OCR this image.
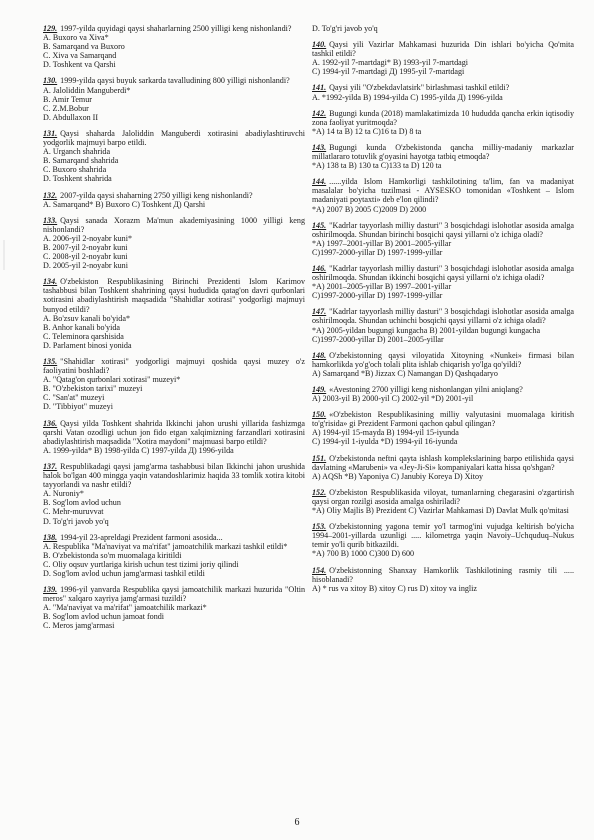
129. 1997-yilda quyidagi qaysi shaharlarning 2500 yilligi keng nishonlandi?

A. Buxoro va Xiva*

B. Samarqand va Buxoro

C. Xiva va Samarqand

D. Toshkent va Qarshi

130. 1999-yilda qaysi buyuk sarkarda tavalludining 800 yilligi nishonlandi?

A. Jaloliddin Manguberdi*

B. Amir Temur

C. Z.M.Bobur

D. Abdullaxon II

131. Qaysi shaharda Jaloliddin Manguberdi xotirasini abadiylashtiruvchi yodgorlik majmuyi barpo etildi.

A. Urganch shahrida

B. Samarqand shahrida

C. Buxoro shahrida

D. Toshkent shahrida

132. 2007-yilda qaysi shaharning 2750 yilligi keng nishonlandi?

A. Samarqand* B) Buxoro C) Toshkent Д) Qarshi

133. Qaysi sanada Xorazm Ma'mun akademiyasining 1000 yilligi keng nishonlandi?

A. 2006-yil 2-noyabr kuni*

B. 2007-yil 2-noyabr kuni

C. 2008-yil 2-noyabr kuni

D. 2005-yil 2-noyabr kuni

134. O'zbekiston Respublikasining Birinchi Prezidenti Islom Karimov tashabbusi bilan Toshkent shahrining qaysi hududida qatag'on davri qurbonlari xotirasini abadiylashtirish maqsadida "Shahidlar xotirasi" yodgorligi majmuyi bunyod etildi?

A. Bo'zsuv kanali bo'yida*

B. Anhor kanali bo'yida

C. Teleminora qarshisida

D. Parlament binosi yonida

135. "Shahidlar xotirasi" yodgorligi majmuyi qoshida qaysi muzey o'z faoliyatini boshladi?

A. "Qatag'on qurbonlari xotirasi" muzeyi*

B. "O'zbekiston tarixi" muzeyi

C. "San'at" muzeyi

D. "Tibbiyot" muzeyi

136. Qaysi yilda Toshkent shahrida Ikkinchi jahon urushi yillarida fashizmga qarshi Vatan ozodligi uchun jon fido etgan xalqimizning farzandlari xotirasini abadiylashtirish maqsadida "Xotira maydoni" majmuasi barpo etildi?

A. 1999-yilda* B) 1998-yilda C) 1997-yilda Д) 1996-yilda

137. Respublikadagi qaysi jamg'arma tashabbusi bilan Ikkinchi jahon urushida halok bo'lgan 400 mingga yaqin vatandoshlarimiz haqida 33 tomlik xotira kitobi tayyorlandi va nashr etildi?

A. Nuroniy*

B. Sog'lom avlod uchun

C. Mehr-muruvvat

D. To'g'ri javob yo'q

138. 1994-yil 23-apreldagi Prezident farmoni asosida...

A. Respublika "Ma'naviyat va ma'rifat" jamoatchilik markazi tashkil etildi*

B. O'zbekistonda so'm muomalaga kiritildi

C. Oliy oqsuv yurtlariga kirish uchun test tizimi joriy qilindi

D. Sog'lom avlod uchun jamg'armasi tashkil etildi

139. 1996-yil yanvarda Respublika qaysi jamoatchilik markazi huzurida "Oltin meros" xalqaro xayriya jamg'armasi tuzildi?

A. "Ma'naviyat va ma'rifat" jamoatchilik markazi*

B. Sog'lom avlod uchun jamoat fondi

C. Meros jamg'armasi

D. To'g'ri javob yo'q

140. Qaysi yili Vazirlar Mahkamasi huzurida Din ishlari bo'yicha Qo'mita tashkil etildi?

A. 1992-yil 7-martdagi* B) 1993-yil 7-martdagi

C) 1994-yil 7-martdagi Д) 1995-yil 7-martdagi

141. Qaysi yili "O'zbekdavlatsirk" birlashmasi tashkil etildi?

A. *1992-yilda B) 1994-yilda C) 1995-yilda Д) 1996-yilda

142. Bugungi kunda (2018) mamlakatimizda 10 hududda qancha erkin iqtisodiy zona faoliyat yuritmoqda?

*A) 14 ta B) 12 ta C)16 ta D) 8 ta

143. Bugungi kunda O'zbekistonda qancha milliy-madaniy markazlar millatlararo totuvlik g'oyasini hayotga tatbiq etmoqda?

*A) 138 ta B) 130 ta C)133 ta D) 120 ta

144. ......yilda Islom Hamkorligi tashkilotining ta'lim, fan va madaniyat masalalar bo'yicha tuzilmasi - AYSESKO tomonidan «Toshkent – Islom madaniyati poytaxti» deb e'lon qilindi?

*A) 2007 B) 2005 C)2009 D) 2000

145. "Kadrlar tayyorlash milliy dasturi" 3 bosqichdagi islohotlar asosida amalga oshirilmoqda. Shundan birinchi bosqichi qaysi yillarni o'z ichiga oladi?

*A) 1997–2001-yillar B) 2001–2005-yillar

C)1997-2000-yillar D) 1997-1999-yillar

146. "Kadrlar tayyorlash milliy dasturi" 3 bosqichdagi islohotlar asosida amalga oshirilmoqda. Shundan ikkinchi bosqichi qaysi yillarni o'z ichiga oladi?

*A) 2001–2005-yillar B) 1997–2001-yillar

C)1997-2000-yillar D) 1997-1999-yillar

147. "Kadrlar tayyorlash milliy dasturi" 3 bosqichdagi islohotlar asosida amalga oshirilmoqda. Shundan uchinchi bosqichi qaysi yillarni o'z ichiga oladi?

*A) 2005-yildan bugungi kungacha B) 2001-yildan bugungi kungacha

C)1997-2000-yillar D) 2001–2005-yillar

148. O'zbekistonning qaysi viloyatida Xitoyning «Nunkei» firmasi bilan hamkorlikda yo'g'och tolali plita ishlab chiqarish yo'lga qo'yildi?

A) Samarqand *B) Jizzax C) Namangan D) Qashqadaryo

149. «Avestoning 2700 yilligi keng nishonlangan yilni aniqlang?

A) 2003-yil B) 2000-yil C) 2002-yil *D) 2001-yil

150. «O'zbekiston Respublikasining milliy valyutasini muomalaga kiritish to'g'risida» gi Prezident Farmoni qachon qabul qilingan?

A) 1994-yil 15-mayda B) 1994-yil 15-iyunda

C) 1994-yil 1-iyulda *D) 1994-yil 16-iyunda

151. O'zbekistonda neftni qayta ishlash komplekslarining barpo etilishida qaysi davlatning «Marubeni» va «Jey-Ji-Si» kompaniyalari katta hissa qo'shgan?

A) AQSh *B) Yaponiya C) Janubiy Koreya D) Xitoy

152. O'zbekiston Respublikasida viloyat, tumanlarning chegarasini o'zgartirish qaysi organ rozilgi asosida amalga oshiriladi?

*A) Oliy Majlis B) Prezident C) Vazirlar Mahkamasi D) Davlat Mulk qo'mitasi

153. O'zbekistonning yagona temir yo'l tarmog'ini vujudga keltirish bo'yicha 1994–2001-yillarda uzunligi ..... kilometrga yaqin Navoiy–Uchquduq–Nukus temir yo'li qurib bitkazildi.

*A) 700 B) 1000 C)300 D) 600

154. O'zbekistonning Shanxay Hamkorlik Tashkilotining rasmiy tili ..... hisoblanadi?

A) * rus va xitoy B) xitoy C) rus D) xitoy va ingliz

6
